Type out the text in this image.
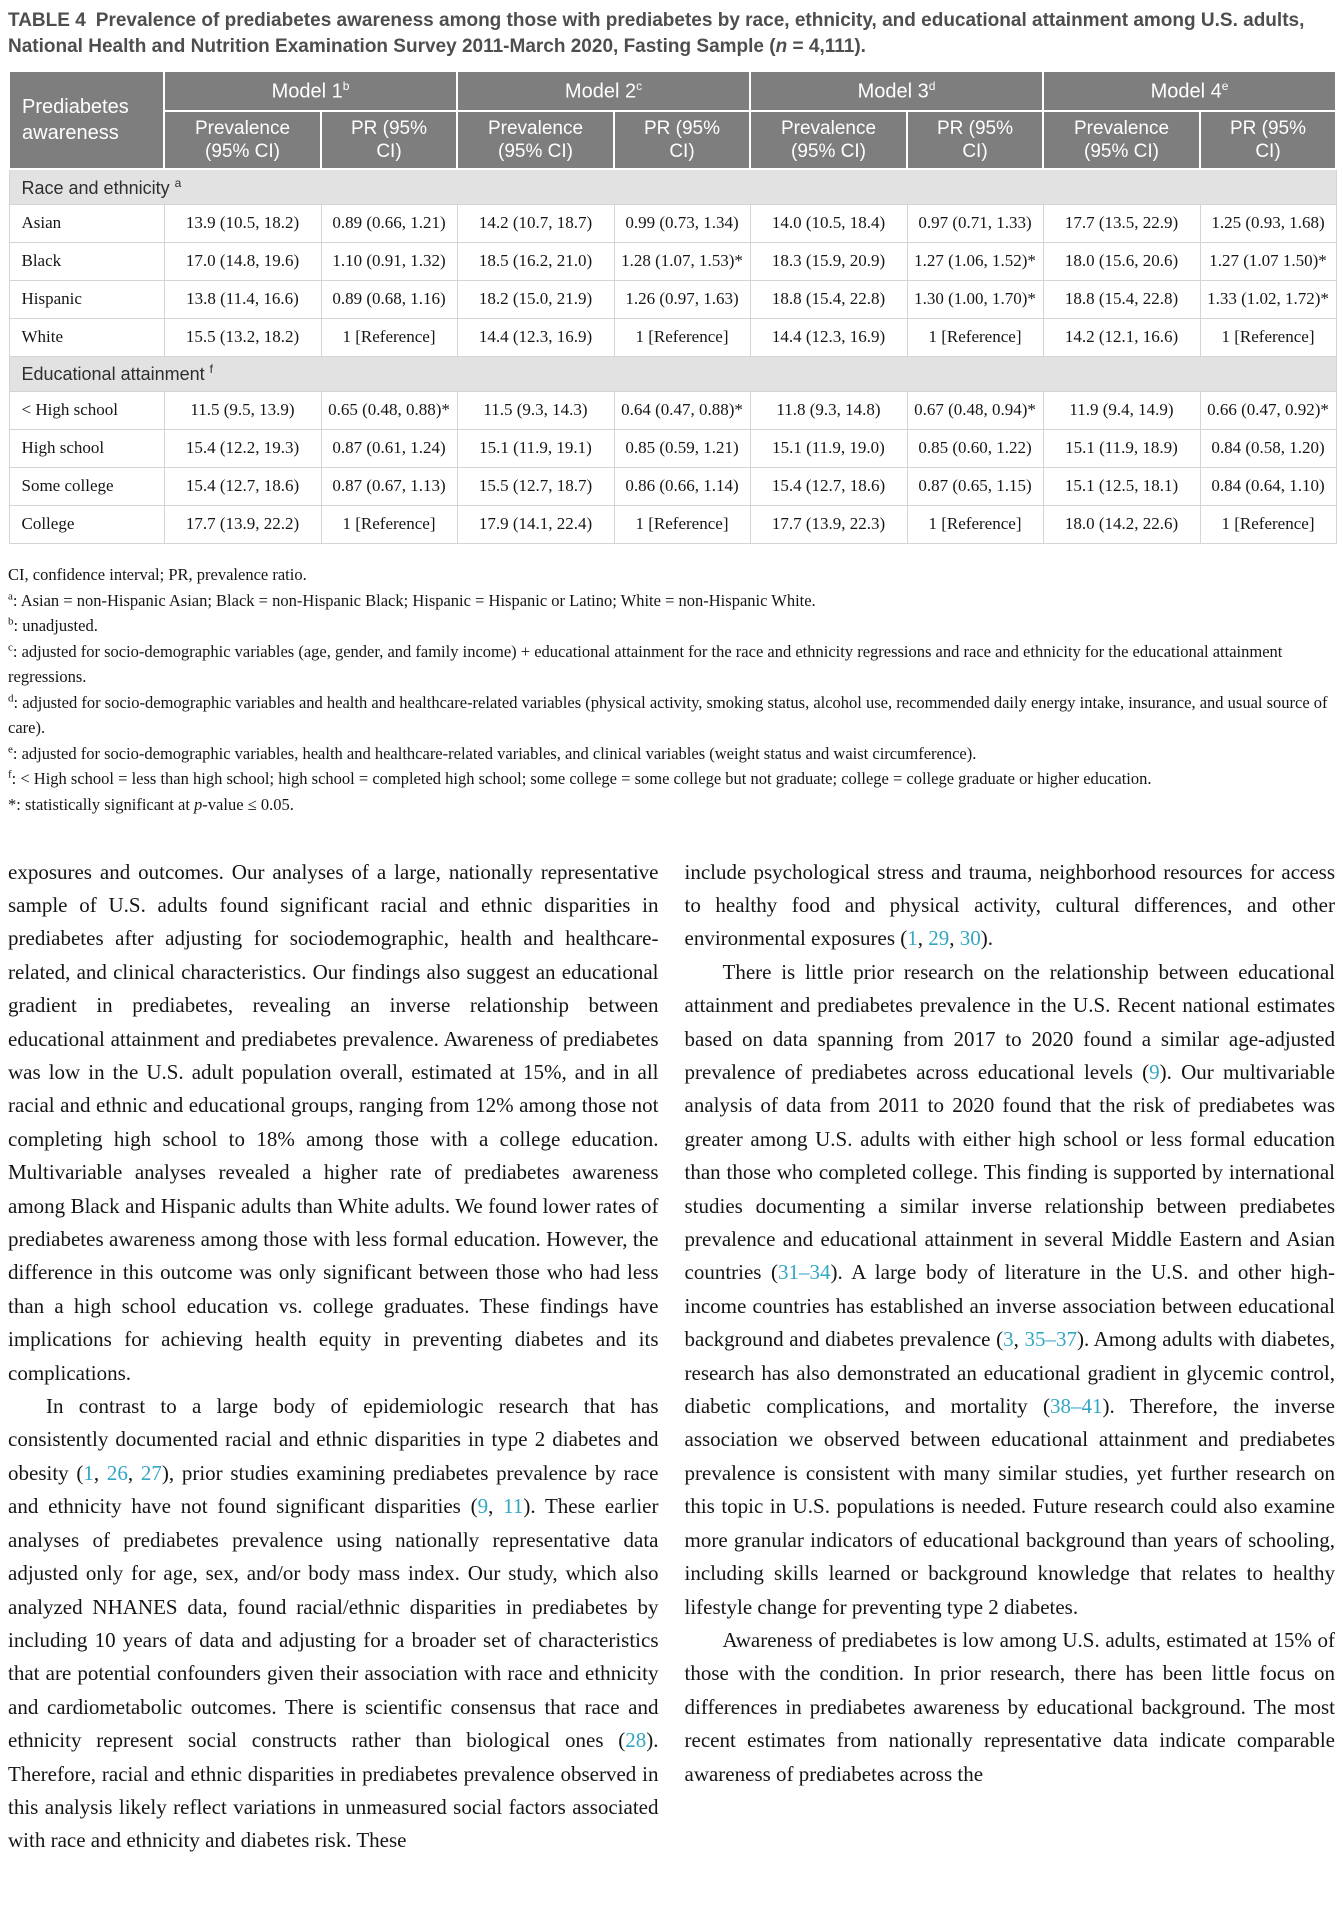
TABLE 4 Prevalence of prediabetes awareness among those with prediabetes by race, ethnicity, and educational attainment among U.S. adults, National Health and Nutrition Examination Survey 2011-March 2020, Fasting Sample (n = 4,111).
Prediabetes awareness	Model 1$^b$		Model 2$^c$		Model 3$^d$		Model 4e
	Prevalence (95% CI)	PR (95% CI)	Prevalence (95% CI)	PR (95% CI)	Prevalence (95% CI)	PR (95% CI)	Prevalence (95% CI)	PR (95% CI)
Race and ethnicity $^a$
Asian	13.9 (10.5, 18.2)	0.89 (0.66, 1.21)	14.2 (10.7, 18.7)	0.99 (0.73, 1.34)	14.0 (10.5, 18.4)	0.97 (0.71, 1.33)	17.7 (13.5, 22.9)	1.25 (0.93, 1.68)
Black	17.0 (14.8, 19.6)	1.10 (0.91, 1.32)	18.5 (16.2, 21.0)	1.28 (1.07, 1.53)*	18.3 (15.9, 20.9)	1.27 (1.06, 1.52)*	18.0 (15.6, 20.6)	1.27 (1.07 1.50)*
Hispanic	13.8 (11.4, 16.6)	0.89 (0.68, 1.16)	18.2 (15.0, 21.9)	1.26 (0.97, 1.63)	18.8 (15.4, 22.8)	1.30 (1.00, 1.70)*	18.8 (15.4, 22.8)	1.33 (1.02, 1.72)*
White	15.5 (13.2, 18.2)	1 [Reference]	14.4 (12.3, 16.9)	1 [Reference]	14.4 (12.3, 16.9)	1 [Reference]	14.2 (12.1, 16.6)	1 [Reference]
Educational attainment $^f$
< High school	11.5 (9.5, 13.9)	0.65 (0.48, 0.88)*	11.5 (9.3, 14.3)	0.64 (0.47, 0.88)*	11.8 (9.3, 14.8)	0.67 (0.48, 0.94)*	11.9 (9.4, 14.9)	0.66 (0.47, 0.92)*
High school	15.4 (12.2, 19.3)	0.87 (0.61, 1.24)	15.1 (11.9, 19.1)	0.85 (0.59, 1.21)	15.1 (11.9, 19.0)	0.85 (0.60, 1.22)	15.1 (11.9, 18.9)	0.84 (0.58, 1.20)
Some college	15.4 (12.7, 18.6)	0.87 (0.67, 1.13)	15.5 (12.7, 18.7)	0.86 (0.66, 1.14)	15.4 (12.7, 18.6)	0.87 (0.65, 1.15)	15.1 (12.5, 18.1)	0.84 (0.64, 1.10)
College	17.7 (13.9, 22.2)	1 [Reference]	17.9 (14.1, 22.4)	1 [Reference]	17.7 (13.9, 22.3)	1 [Reference]	18.0 (14.2, 22.6)	1 [Reference]
CI, confidence interval; PR, prevalence ratio.
$^a$: Asian = non-Hispanic Asian; Black = non-Hispanic Black; Hispanic = Hispanic or Latino; White = non-Hispanic White.
$^b$: unadjusted.
$^c$: adjusted for socio-demographic variables (age, gender, and family income) + educational attainment for the race and ethnicity regressions and race and ethnicity for the educational attainment regressions.
$^d$: adjusted for socio-demographic variables and health and healthcare-related variables (physical activity, smoking status, alcohol use, recommended daily energy intake, insurance, and usual source of care).
$^e$: adjusted for socio-demographic variables, health and healthcare-related variables, and clinical variables (weight status and waist circumference).
$^f$: < High school = less than high school; high school = completed high school; some college = some college but not graduate; college = college graduate or higher education.
*: statistically significant at p-value ≤ 0.05.

exposures and outcomes. Our analyses of a large, nationally representative sample of U.S. adults found significant racial and ethnic disparities in prediabetes after adjusting for sociodemographic, health and healthcare-related, and clinical characteristics. Our findings also suggest an educational gradient in prediabetes, revealing an inverse relationship between educational attainment and prediabetes prevalence. Awareness of prediabetes was low in the U.S. adult population overall, estimated at 15%, and in all racial and ethnic and educational groups, ranging from 12% among those not completing high school to 18% among those with a college education. Multivariable analyses revealed a higher rate of prediabetes awareness among Black and Hispanic adults than White adults. We found lower rates of prediabetes awareness among those with less formal education. However, the difference in this outcome was only significant between those who had less than a high school education vs. college graduates. These findings have implications for achieving health equity in preventing diabetes and its complications.

In contrast to a large body of epidemiologic research that has consistently documented racial and ethnic disparities in type 2 diabetes and obesity (1, 26, 27), prior studies examining prediabetes prevalence by race and ethnicity have not found significant disparities (9, 11). These earlier analyses of prediabetes prevalence using nationally representative data adjusted only for age, sex, and/or body mass index. Our study, which also analyzed NHANES data, found racial/ethnic disparities in prediabetes by including 10 years of data and adjusting for a broader set of characteristics that are potential confounders given their association with race and ethnicity and cardiometabolic outcomes. There is scientific consensus that race and ethnicity represent social constructs rather than biological ones (28). Therefore, racial and ethnic disparities in prediabetes prevalence observed in this analysis likely reflect variations in unmeasured social factors associated with race and ethnicity and diabetes risk. These

include psychological stress and trauma, neighborhood resources for access to healthy food and physical activity, cultural differences, and other environmental exposures (1, 29, 30).

There is little prior research on the relationship between educational attainment and prediabetes prevalence in the U.S. Recent national estimates based on data spanning from 2017 to 2020 found a similar age-adjusted prevalence of prediabetes across educational levels (9). Our multivariable analysis of data from 2011 to 2020 found that the risk of prediabetes was greater among U.S. adults with either high school or less formal education than those who completed college. This finding is supported by international studies documenting a similar inverse relationship between prediabetes prevalence and educational attainment in several Middle Eastern and Asian countries (31–34). A large body of literature in the U.S. and other high-income countries has established an inverse association between educational background and diabetes prevalence (3, 35–37). Among adults with diabetes, research has also demonstrated an educational gradient in glycemic control, diabetic complications, and mortality (38–41). Therefore, the inverse association we observed between educational attainment and prediabetes prevalence is consistent with many similar studies, yet further research on this topic in U.S. populations is needed. Future research could also examine more granular indicators of educational background than years of schooling, including skills learned or background knowledge that relates to healthy lifestyle change for preventing type 2 diabetes.

Awareness of prediabetes is low among U.S. adults, estimated at 15% of those with the condition. In prior research, there has been little focus on differences in prediabetes awareness by educational background. The most recent estimates from nationally representative data indicate comparable awareness of prediabetes across the
